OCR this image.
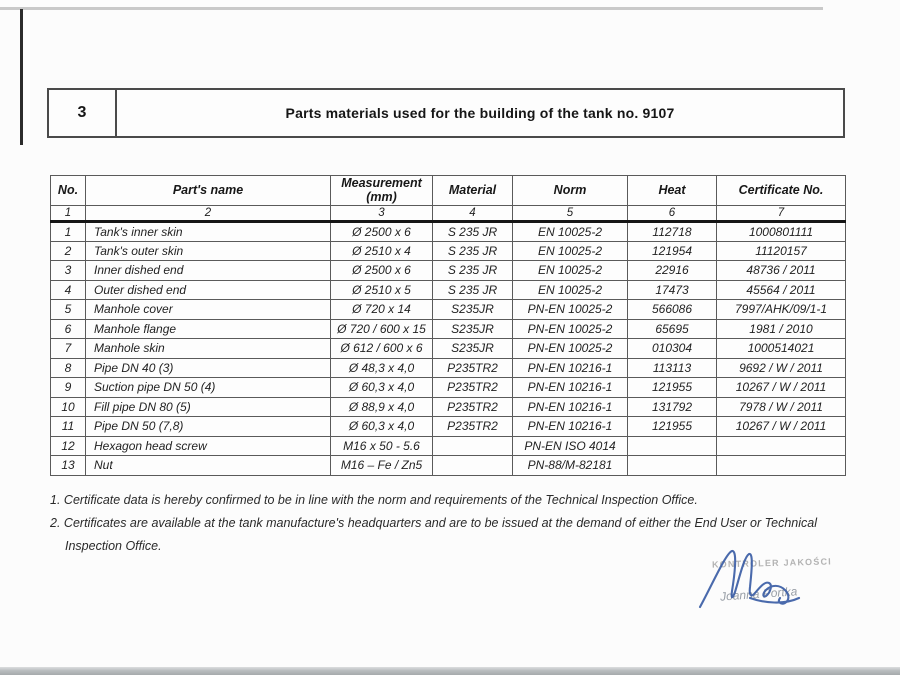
3	Parts materials used for the building of the tank no. 9107
No.	Part's name	Measurement (mm)	Material	Norm	Heat	Certificate No.
1	2	3	4	5	6	7
1	Tank's inner skin	Ø 2500 x 6	S 235 JR	EN 10025-2	112718	1000801111
2	Tank's outer skin	Ø 2510 x 4	S 235 JR	EN 10025-2	121954	11120157
3	Inner dished end	Ø 2500 x 6	S 235 JR	EN 10025-2	22916	48736 / 2011
4	Outer dished end	Ø 2510 x 5	S 235 JR	EN 10025-2	17473	45564 / 2011
5	Manhole cover	Ø 720 x 14	S235JR	PN-EN 10025-2	566086	7997/AHK/09/1-1
6	Manhole flange	Ø 720 / 600 x 15	S235JR	PN-EN 10025-2	65695	1981 / 2010
7	Manhole skin	Ø 612 / 600 x 6	S235JR	PN-EN 10025-2	010304	1000514021
8	Pipe DN 40 (3)	Ø 48,3 x 4,0	P235TR2	PN-EN 10216-1	113113	9692 / W / 2011
9	Suction pipe DN 50 (4)	Ø 60,3 x 4,0	P235TR2	PN-EN 10216-1	121955	10267 / W / 2011
10	Fill pipe DN 80 (5)	Ø 88,9 x 4,0	P235TR2	PN-EN 10216-1	131792	7978 / W / 2011
11	Pipe DN 50 (7,8)	Ø 60,3 x 4,0	P235TR2	PN-EN 10216-1	121955	10267 / W / 2011
12	Hexagon head screw	M16 x 50 - 5.6		PN-EN ISO 4014		
13	Nut	M16 – Fe / Zn5		PN-88/M-82181		
1. Certificate data is hereby confirmed to be in line with the norm and requirements of the Technical Inspection Office.
2. Certificates are available at the tank manufacture's headquarters and are to be issued at the demand of either the End User or Technical
Inspection Office.
KONTROLER JAKOŚCI
Joanna Portka
